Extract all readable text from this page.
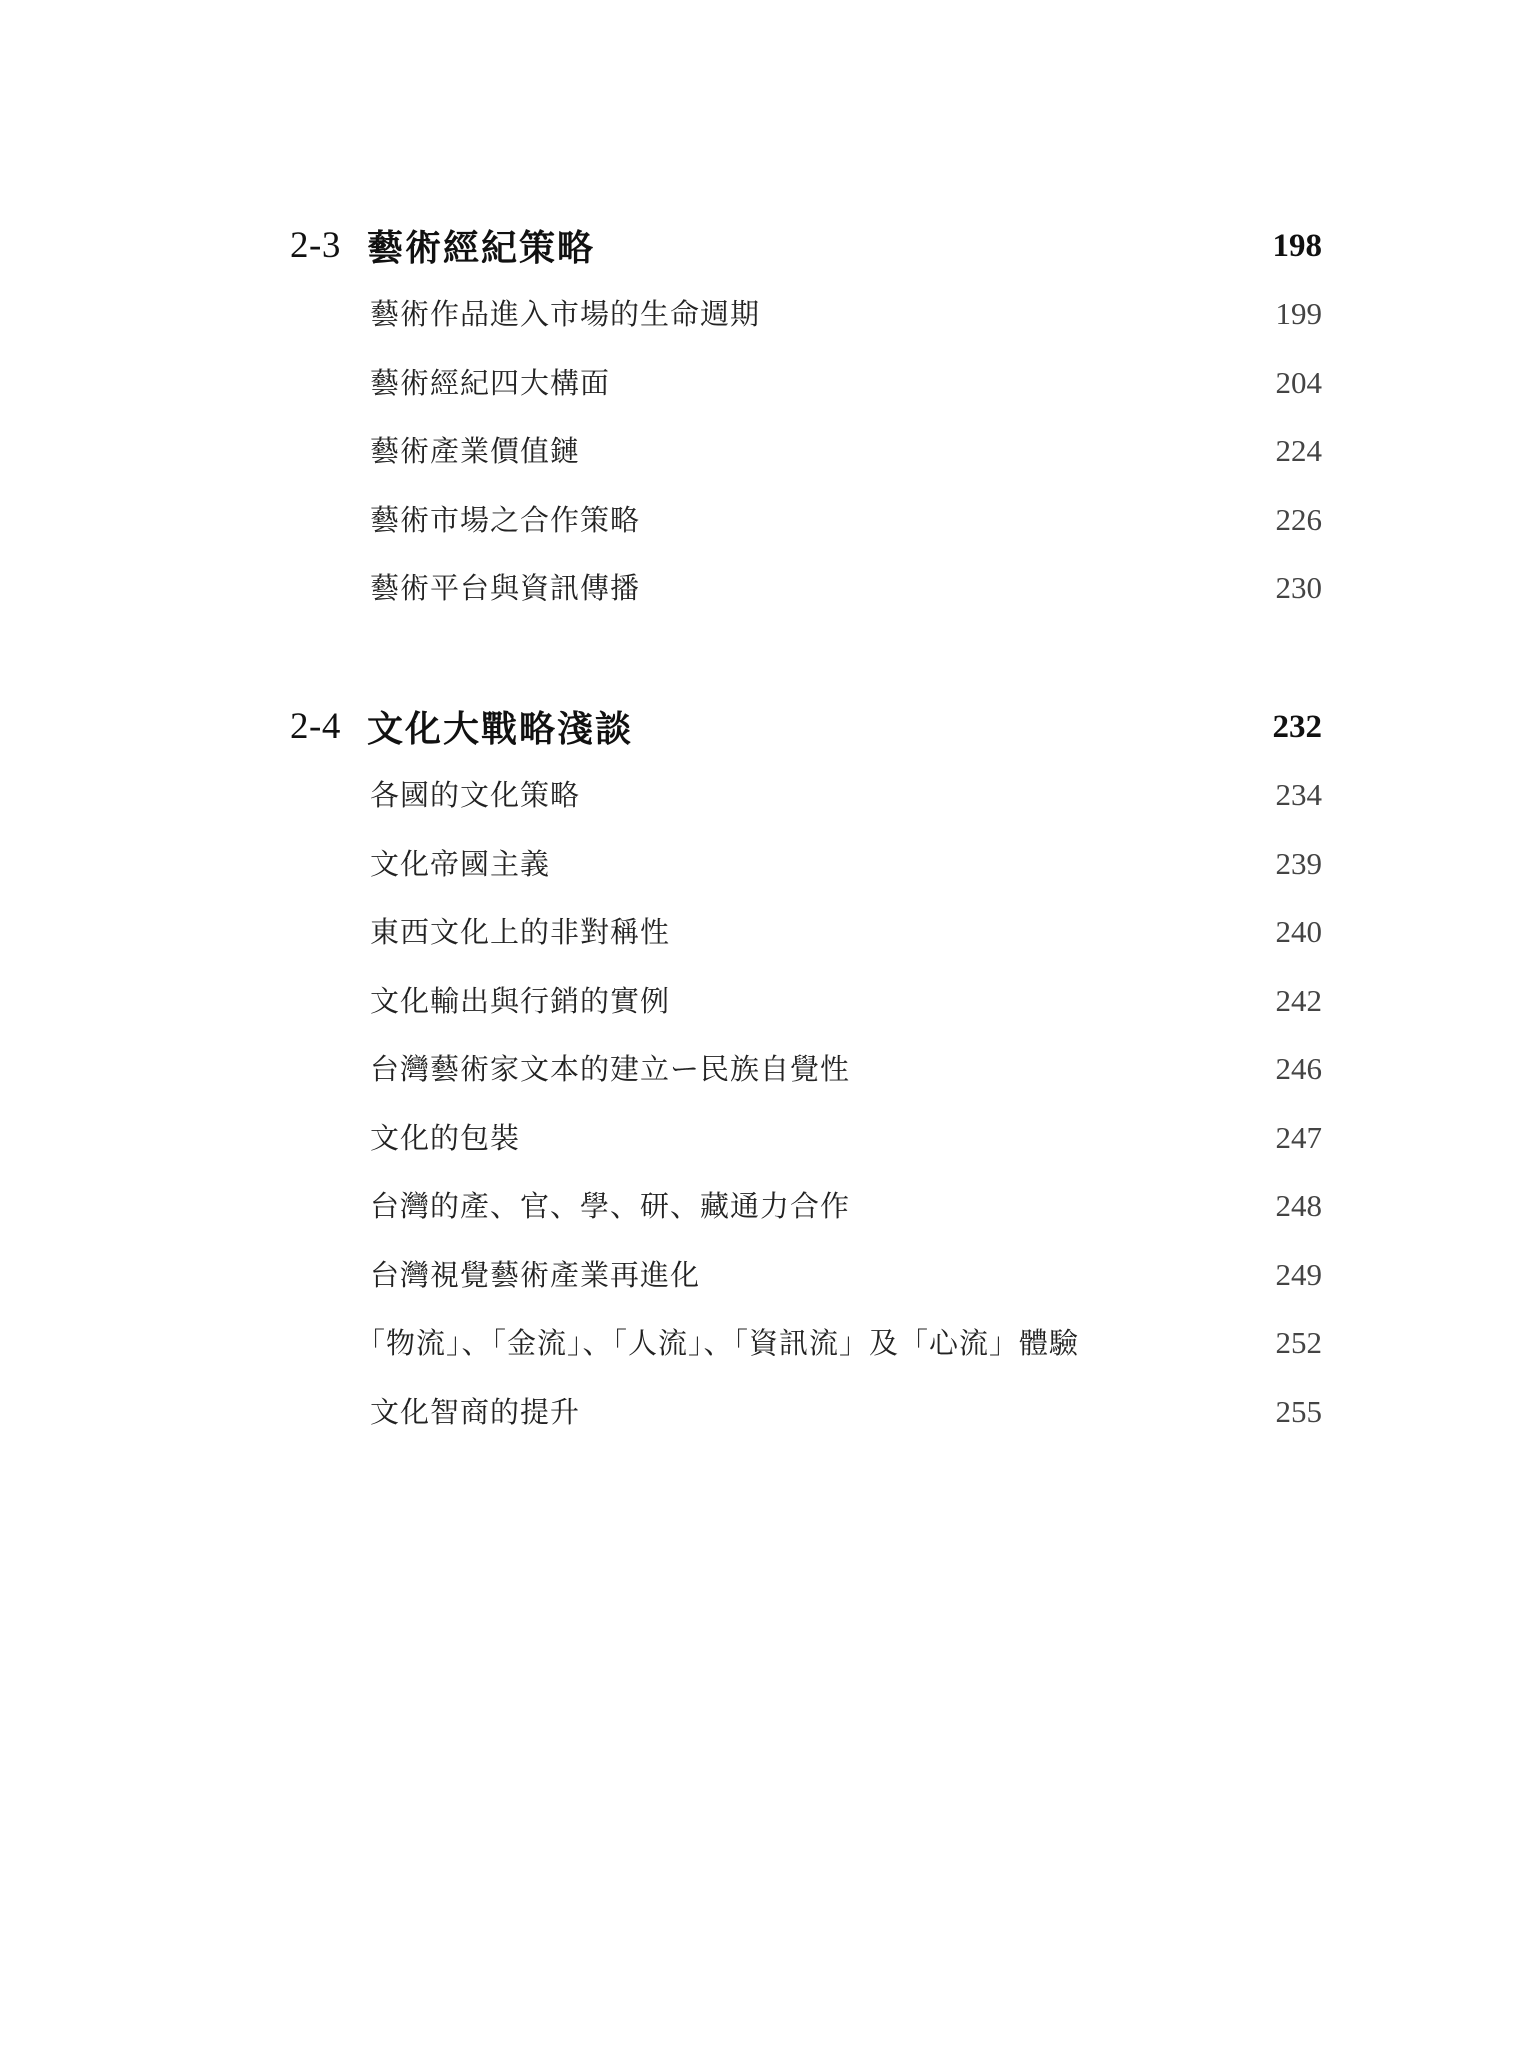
2-3 藝術經紀策略	198
藝術作品進入市場的生命週期	199
藝術經紀四大構面	204
藝術產業價值鏈	224
藝術市場之合作策略	226
藝術平台與資訊傳播	230
2-4 文化大戰略淺談	232
各國的文化策略	234
文化帝國主義	239
東西文化上的非對稱性	240
文化輸出與行銷的實例	242
台灣藝術家文本的建立ー民族自覺性	246
文化的包裝	247
台灣的產、官、學、研、藏通力合作	248
台灣視覺藝術產業再進化	249
「物流」、「金流」、「人流」、「資訊流」及「心流」體驗	252
文化智商的提升	255
